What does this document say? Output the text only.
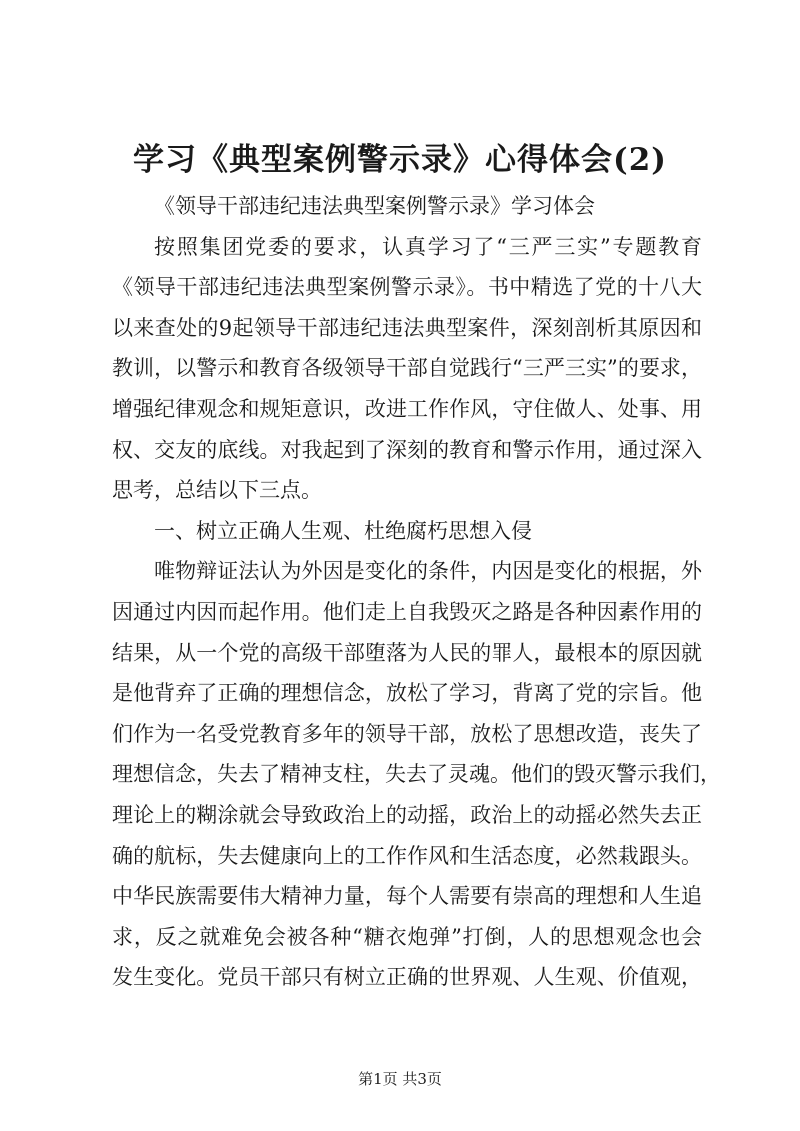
学习《典型案例警示录》心得体会(2)
《领导干部违纪违法典型案例警示录》学习体会
按照集团党委的要求，认真学习了“三严三实”专题教育
《领导干部违纪违法典型案例警示录》。书中精选了党的十八大
以来查处的9起领导干部违纪违法典型案件，深刻剖析其原因和
教训，以警示和教育各级领导干部自觉践行“三严三实”的要求，
增强纪律观念和规矩意识，改进工作作风，守住做人、处事、用
权、交友的底线。对我起到了深刻的教育和警示作用，通过深入
思考，总结以下三点。
一、树立正确人生观、杜绝腐朽思想入侵
唯物辩证法认为外因是变化的条件，内因是变化的根据，外
因通过内因而起作用。他们走上自我毁灭之路是各种因素作用的
结果，从一个党的高级干部堕落为人民的罪人，最根本的原因就
是他背弃了正确的理想信念，放松了学习，背离了党的宗旨。他
们作为一名受党教育多年的领导干部，放松了思想改造，丧失了
理想信念，失去了精神支柱，失去了灵魂。他们的毁灭警示我们，
理论上的糊涂就会导致政治上的动摇，政治上的动摇必然失去正
确的航标，失去健康向上的工作作风和生活态度，必然栽跟头。
中华民族需要伟大精神力量，每个人需要有崇高的理想和人生追
求，反之就难免会被各种“糖衣炮弹”打倒，人的思想观念也会
发生变化。党员干部只有树立正确的世界观、人生观、价值观，
第1页 共3页
